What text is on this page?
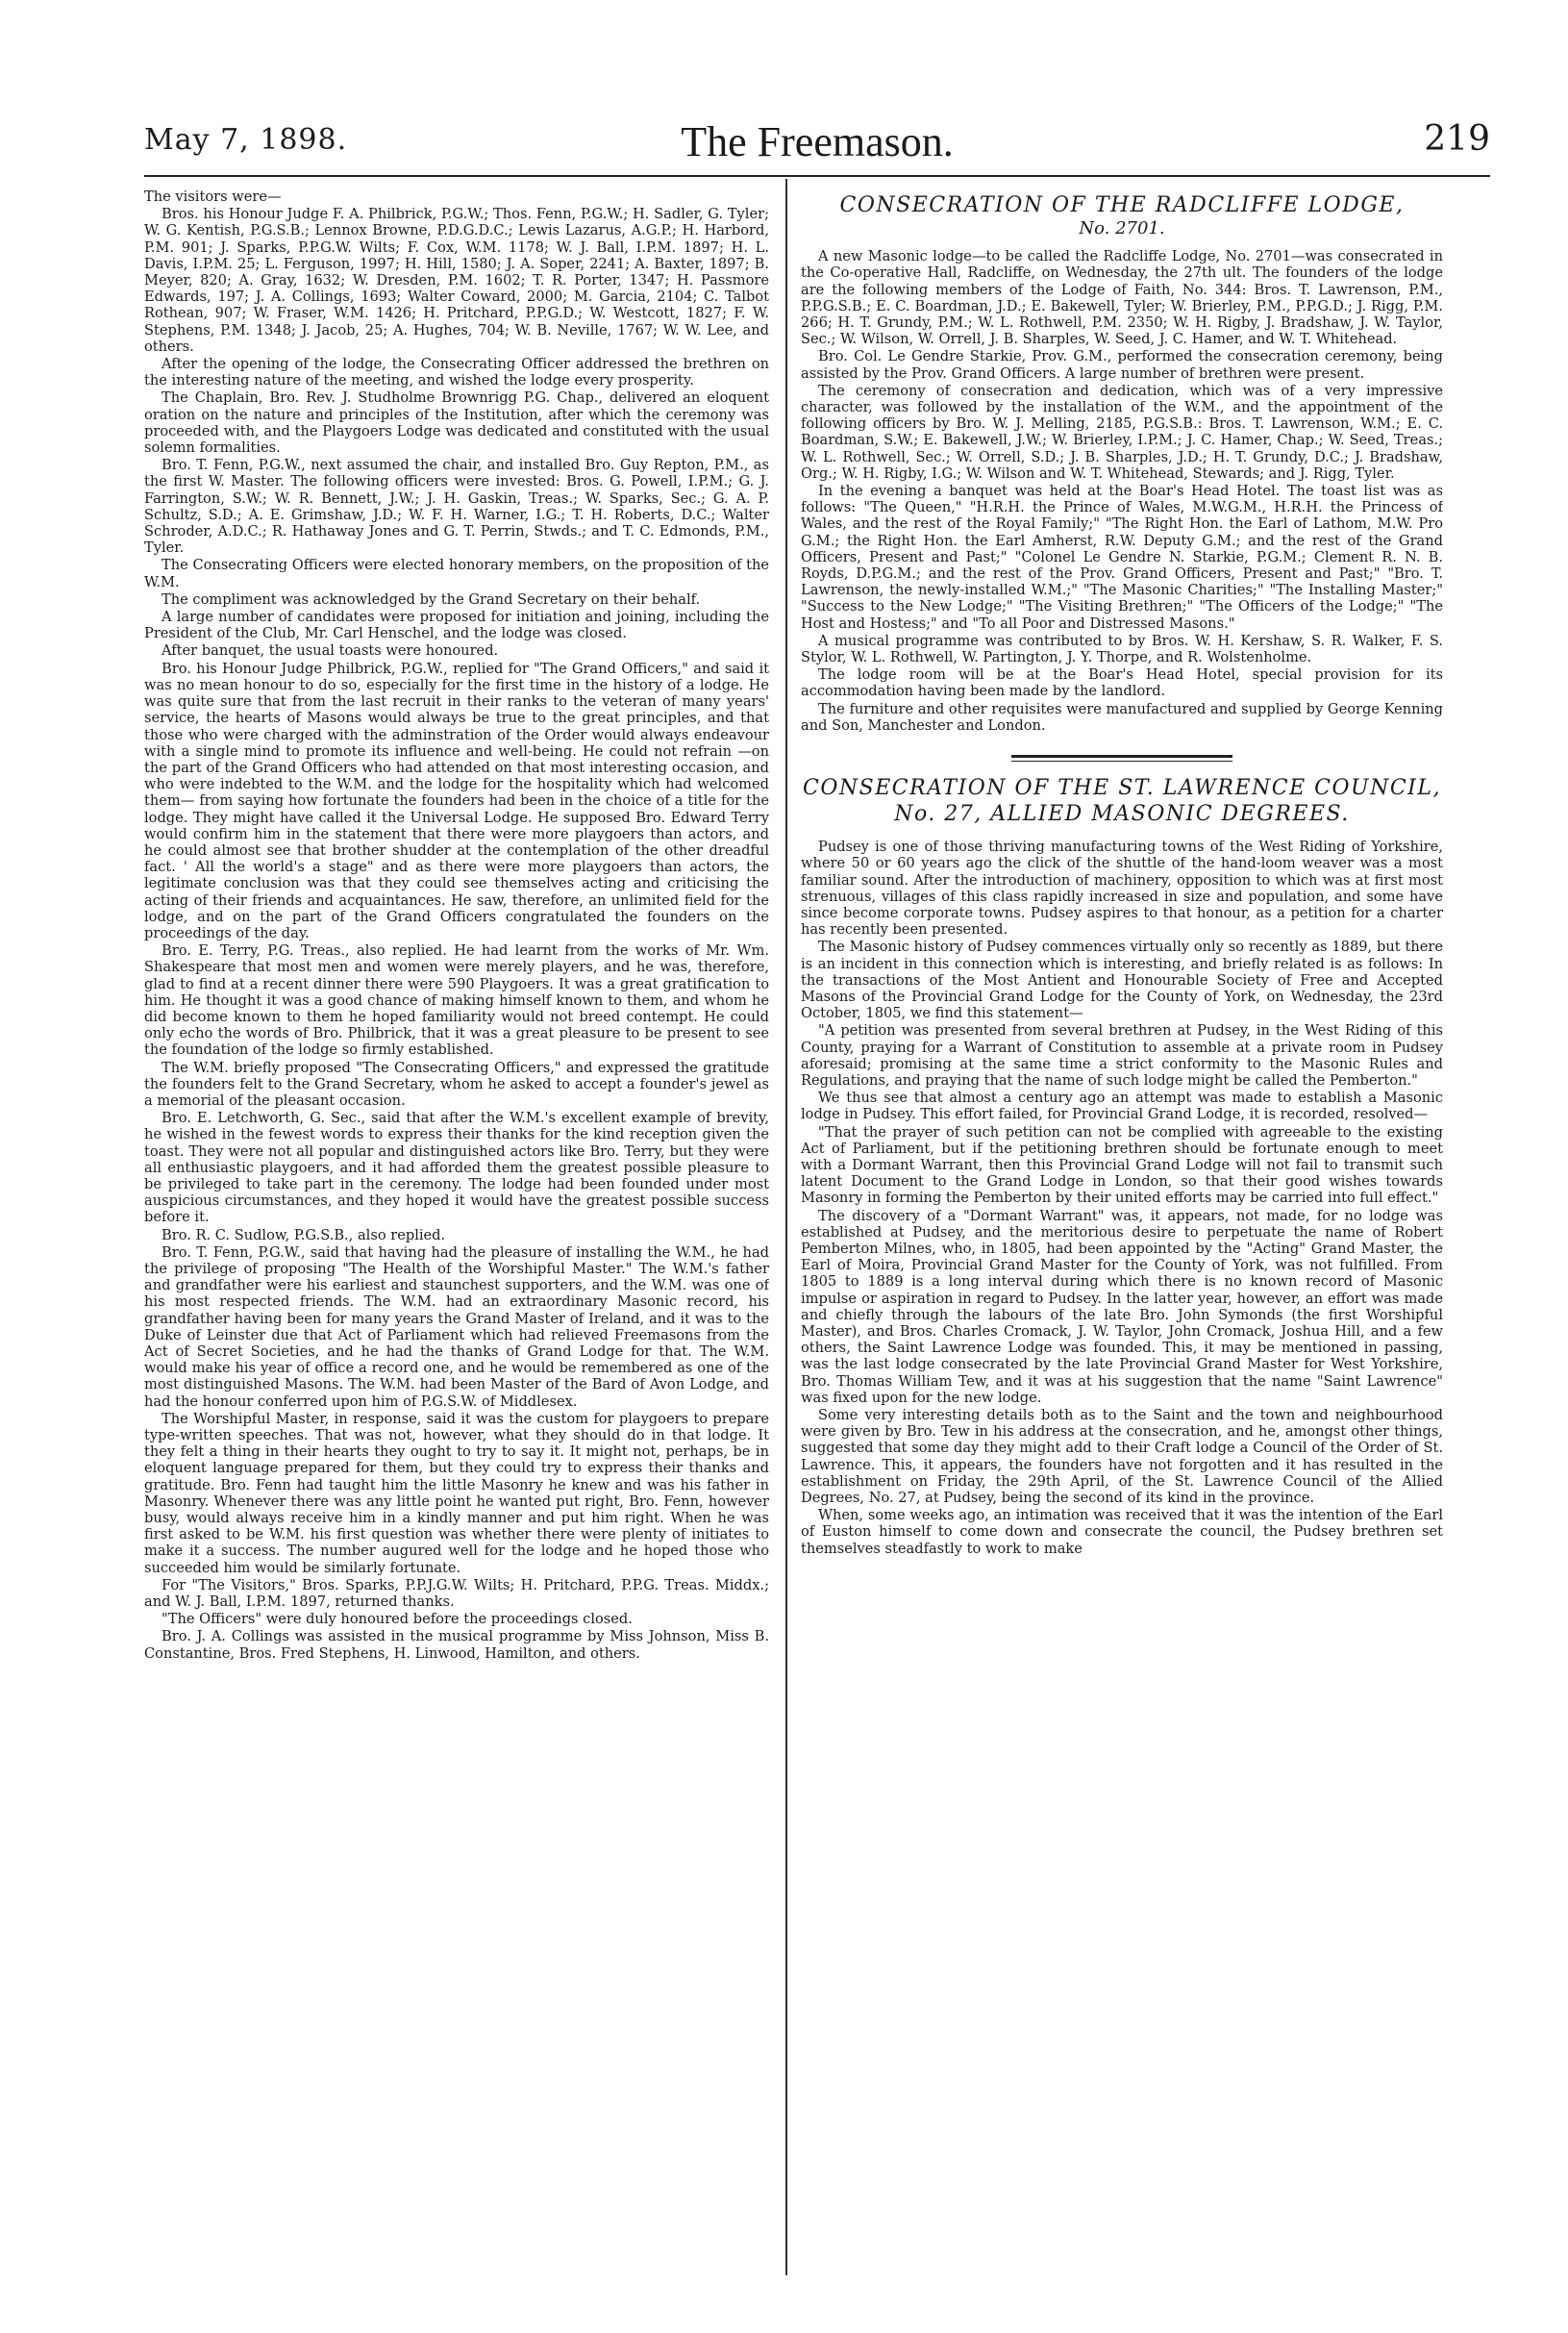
May 7, 1898.	The Freemason.	219

The visitors were—

Bros. his Honour Judge F. A. Philbrick, P.G.W.; Thos. Fenn, P.G.W.; H. Sadler, G. Tyler; W. G. Kentish, P.G.S.B.; Lennox Browne, P.D.G.D.C.; Lewis Lazarus, A.G.P.; H. Harbord, P.M. 901; J. Sparks, P.P.G.W. Wilts; F. Cox, W.M. 1178; W. J. Ball, I.P.M. 1897; H. L. Davis, I.P.M. 25; L. Ferguson, 1997; H. Hill, 1580; J. A. Soper, 2241; A. Baxter, 1897; B. Meyer, 820; A. Gray, 1632; W. Dresden, P.M. 1602; T. R. Porter, 1347; H. Passmore Edwards, 197; J. A. Collings, 1693; Walter Coward, 2000; M. Garcia, 2104; C. Talbot Rothean, 907; W. Fraser, W.M. 1426; H. Pritchard, P.P.G.D.; W. Westcott, 1827; F. W. Stephens, P.M. 1348; J. Jacob, 25; A. Hughes, 704; W. B. Neville, 1767; W. W. Lee, and others.

After the opening of the lodge, the Consecrating Officer addressed the brethren on the interesting nature of the meeting, and wished the lodge every prosperity.

The Chaplain, Bro. Rev. J. Studholme Brownrigg P.G. Chap., delivered an eloquent oration on the nature and principles of the Institution, after which the ceremony was proceeded with, and the Playgoers Lodge was dedicated and constituted with the usual solemn formalities.

Bro. T. Fenn, P.G.W., next assumed the chair, and installed Bro. Guy Repton, P.M., as the first W. Master. The following officers were invested: Bros. G. Powell, I.P.M.; G. J. Farrington, S.W.; W. R. Bennett, J.W.; J. H. Gaskin, Treas.; W. Sparks, Sec.; G. A. P. Schultz, S.D.; A. E. Grimshaw, J.D.; W. F. H. Warner, I.G.; T. H. Roberts, D.C.; Walter Schroder, A.D.C.; R. Hathaway Jones and G. T. Perrin, Stwds.; and T. C. Edmonds, P.M., Tyler.

The Consecrating Officers were elected honorary members, on the proposition of the W.M.

The compliment was acknowledged by the Grand Secretary on their behalf.

A large number of candidates were proposed for initiation and joining, including the President of the Club, Mr. Carl Henschel, and the lodge was closed.

After banquet, the usual toasts were honoured.

Bro. his Honour Judge Philbrick, P.G.W., replied for "The Grand Officers," and said it was no mean honour to do so, especially for the first time in the history of a lodge. He was quite sure that from the last recruit in their ranks to the veteran of many years' service, the hearts of Masons would always be true to the great principles, and that those who were charged with the adminstration of the Order would always endeavour with a single mind to promote its influence and well-being. He could not refrain —on the part of the Grand Officers who had attended on that most interesting occasion, and who were indebted to the W.M. and the lodge for the hospitality which had welcomed them— from saying how fortunate the founders had been in the choice of a title for the lodge. They might have called it the Universal Lodge. He supposed Bro. Edward Terry would confirm him in the statement that there were more playgoers than actors, and he could almost see that brother shudder at the contemplation of the other dreadful fact. ' All the world's a stage" and as there were more playgoers than actors, the legitimate conclusion was that they could see themselves acting and criticising the acting of their friends and acquaintances. He saw, therefore, an unlimited field for the lodge, and on the part of the Grand Officers congratulated the founders on the proceedings of the day.

Bro. E. Terry, P.G. Treas., also replied. He had learnt from the works of Mr. Wm. Shakespeare that most men and women were merely players, and he was, therefore, glad to find at a recent dinner there were 590 Playgoers. It was a great gratification to him. He thought it was a good chance of making himself known to them, and whom he did become known to them he hoped familiarity would not breed contempt. He could only echo the words of Bro. Philbrick, that it was a great pleasure to be present to see the foundation of the lodge so firmly established.

The W.M. briefly proposed "The Consecrating Officers," and expressed the gratitude the founders felt to the Grand Secretary, whom he asked to accept a founder's jewel as a memorial of the pleasant occasion.

Bro. E. Letchworth, G. Sec., said that after the W.M.'s excellent example of brevity, he wished in the fewest words to express their thanks for the kind reception given the toast. They were not all popular and distinguished actors like Bro. Terry, but they were all enthusiastic playgoers, and it had afforded them the greatest possible pleasure to be privileged to take part in the ceremony. The lodge had been founded under most auspicious circumstances, and they hoped it would have the greatest possible success before it.

Bro. R. C. Sudlow, P.G.S.B., also replied.

Bro. T. Fenn, P.G.W., said that having had the pleasure of installing the W.M., he had the privilege of proposing "The Health of the Worshipful Master." The W.M.'s father and grandfather were his earliest and staunchest supporters, and the W.M. was one of his most respected friends. The W.M. had an extraordinary Masonic record, his grandfather having been for many years the Grand Master of Ireland, and it was to the Duke of Leinster due that Act of Parliament which had relieved Freemasons from the Act of Secret Societies, and he had the thanks of Grand Lodge for that. The W.M. would make his year of office a record one, and he would be remembered as one of the most distinguished Masons. The W.M. had been Master of the Bard of Avon Lodge, and had the honour conferred upon him of P.G.S.W. of Middlesex.

The Worshipful Master, in response, said it was the custom for playgoers to prepare type-written speeches. That was not, however, what they should do in that lodge. It they felt a thing in their hearts they ought to try to say it. It might not, perhaps, be in eloquent language prepared for them, but they could try to express their thanks and gratitude. Bro. Fenn had taught him the little Masonry he knew and was his father in Masonry. Whenever there was any little point he wanted put right, Bro. Fenn, however busy, would always receive him in a kindly manner and put him right. When he was first asked to be W.M. his first question was whether there were plenty of initiates to make it a success. The number augured well for the lodge and he hoped those who succeeded him would be similarly fortunate.

For "The Visitors," Bros. Sparks, P.P.J.G.W. Wilts; H. Pritchard, P.P.G. Treas. Middx.; and W. J. Ball, I.P.M. 1897, returned thanks.

"The Officers" were duly honoured before the proceedings closed.

Bro. J. A. Collings was assisted in the musical programme by Miss Johnson, Miss B. Constantine, Bros. Fred Stephens, H. Linwood, Hamilton, and others.

CONSECRATION OF THE RADCLIFFE LODGE,
No. 2701.

A new Masonic lodge—to be called the Radcliffe Lodge, No. 2701—was consecrated in the Co-operative Hall, Radcliffe, on Wednesday, the 27th ult. The founders of the lodge are the following members of the Lodge of Faith, No. 344: Bros. T. Lawrenson, P.M., P.P.G.S.B.; E. C. Boardman, J.D.; E. Bakewell, Tyler; W. Brierley, P.M., P.P.G.D.; J. Rigg, P.M. 266; H. T. Grundy, P.M.; W. L. Rothwell, P.M. 2350; W. H. Rigby, J. Bradshaw, J. W. Taylor, Sec.; W. Wilson, W. Orrell, J. B. Sharples, W. Seed, J. C. Hamer, and W. T. Whitehead.

Bro. Col. Le Gendre Starkie, Prov. G.M., performed the consecration ceremony, being assisted by the Prov. Grand Officers. A large number of brethren were present.

The ceremony of consecration and dedication, which was of a very impressive character, was followed by the installation of the W.M., and the appointment of the following officers by Bro. W. J. Melling, 2185, P.G.S.B.: Bros. T. Lawrenson, W.M.; E. C. Boardman, S.W.; E. Bakewell, J.W.; W. Brierley, I.P.M.; J. C. Hamer, Chap.; W. Seed, Treas.; W. L. Rothwell, Sec.; W. Orrell, S.D.; J. B. Sharples, J.D.; H. T. Grundy, D.C.; J. Bradshaw, Org.; W. H. Rigby, I.G.; W. Wilson and W. T. Whitehead, Stewards; and J. Rigg, Tyler.

In the evening a banquet was held at the Boar's Head Hotel. The toast list was as follows: "The Queen," "H.R.H. the Prince of Wales, M.W.G.M., H.R.H. the Princess of Wales, and the rest of the Royal Family;" "The Right Hon. the Earl of Lathom, M.W. Pro G.M.; the Right Hon. the Earl Amherst, R.W. Deputy G.M.; and the rest of the Grand Officers, Present and Past;" "Colonel Le Gendre N. Starkie, P.G.M.; Clement R. N. B. Royds, D.P.G.M.; and the rest of the Prov. Grand Officers, Present and Past;" "Bro. T. Lawrenson, the newly-installed W.M.;" "The Masonic Charities;" "The Installing Master;" "Success to the New Lodge;" "The Visiting Brethren;" "The Officers of the Lodge;" "The Host and Hostess;" and "To all Poor and Distressed Masons."

A musical programme was contributed to by Bros. W. H. Kershaw, S. R. Walker, F. S. Stylor, W. L. Rothwell, W. Partington, J. Y. Thorpe, and R. Wolstenholme.

The lodge room will be at the Boar's Head Hotel, special provision for its accommodation having been made by the landlord.

The furniture and other requisites were manufactured and supplied by George Kenning and Son, Manchester and London.

CONSECRATION OF THE ST. LAWRENCE COUNCIL, No. 27, ALLIED MASONIC DEGREES.

Pudsey is one of those thriving manufacturing towns of the West Riding of Yorkshire, where 50 or 60 years ago the click of the shuttle of the hand-loom weaver was a most familiar sound. After the introduction of machinery, opposition to which was at first most strenuous, villages of this class rapidly increased in size and population, and some have since become corporate towns. Pudsey aspires to that honour, as a petition for a charter has recently been presented.

The Masonic history of Pudsey commences virtually only so recently as 1889, but there is an incident in this connection which is interesting, and briefly related is as follows: In the transactions of the Most Antient and Honourable Society of Free and Accepted Masons of the Provincial Grand Lodge for the County of York, on Wednesday, the 23rd October, 1805, we find this statement—

"A petition was presented from several brethren at Pudsey, in the West Riding of this County, praying for a Warrant of Constitution to assemble at a private room in Pudsey aforesaid; promising at the same time a strict conformity to the Masonic Rules and Regulations, and praying that the name of such lodge might be called the Pemberton."

We thus see that almost a century ago an attempt was made to establish a Masonic lodge in Pudsey. This effort failed, for Provincial Grand Lodge, it is recorded, resolved—

"That the prayer of such petition can not be complied with agreeable to the existing Act of Parliament, but if the petitioning brethren should be fortunate enough to meet with a Dormant Warrant, then this Provincial Grand Lodge will not fail to transmit such latent Document to the Grand Lodge in London, so that their good wishes towards Masonry in forming the Pemberton by their united efforts may be carried into full effect."

The discovery of a "Dormant Warrant" was, it appears, not made, for no lodge was established at Pudsey, and the meritorious desire to perpetuate the name of Robert Pemberton Milnes, who, in 1805, had been appointed by the "Acting" Grand Master, the Earl of Moira, Provincial Grand Master for the County of York, was not fulfilled. From 1805 to 1889 is a long interval during which there is no known record of Masonic impulse or aspiration in regard to Pudsey. In the latter year, however, an effort was made and chiefly through the labours of the late Bro. John Symonds (the first Worshipful Master), and Bros. Charles Cromack, J. W. Taylor, John Cromack, Joshua Hill, and a few others, the Saint Lawrence Lodge was founded. This, it may be mentioned in passing, was the last lodge consecrated by the late Provincial Grand Master for West Yorkshire, Bro. Thomas William Tew, and it was at his suggestion that the name "Saint Lawrence" was fixed upon for the new lodge.

Some very interesting details both as to the Saint and the town and neighbourhood were given by Bro. Tew in his address at the consecration, and he, amongst other things, suggested that some day they might add to their Craft lodge a Council of the Order of St. Lawrence. This, it appears, the founders have not forgotten and it has resulted in the establishment on Friday, the 29th April, of the St. Lawrence Council of the Allied Degrees, No. 27, at Pudsey, being the second of its kind in the province.

When, some weeks ago, an intimation was received that it was the intention of the Earl of Euston himself to come down and consecrate the council, the Pudsey brethren set themselves steadfastly to work to make
